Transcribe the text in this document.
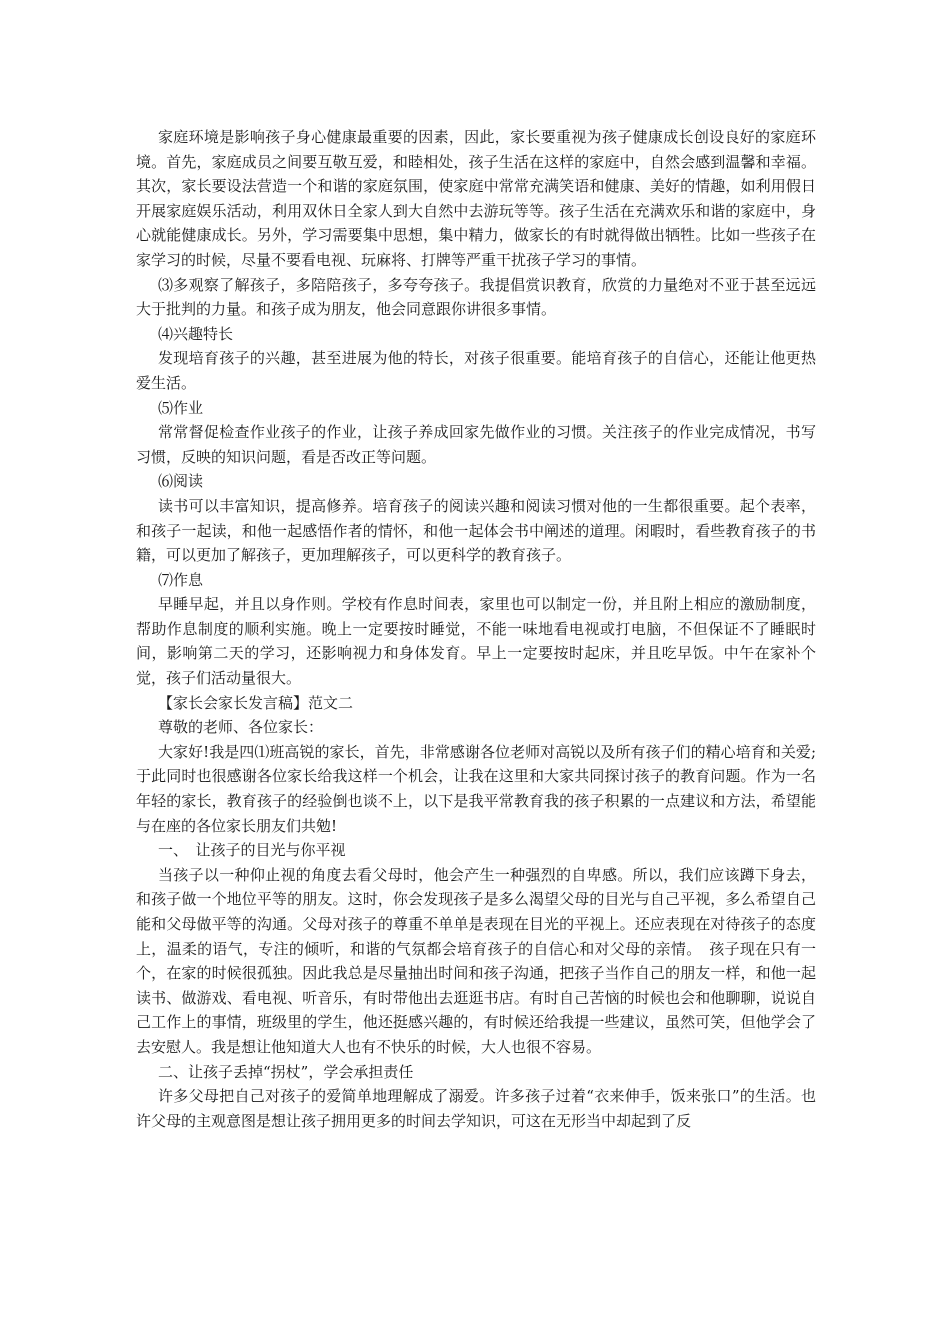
家庭环境是影响孩子身心健康最重要的因素，因此，家长要重视为孩子健康成长创设良好的家庭环境。首先，家庭成员之间要互敬互爱，和睦相处，孩子生活在这样的家庭中，自然会感到温馨和幸福。其次，家长要设法营造一个和谐的家庭氛围，使家庭中常常充满笑语和健康、美好的情趣，如利用假日开展家庭娱乐活动，利用双休日全家人到大自然中去游玩等等。孩子生活在充满欢乐和谐的家庭中，身心就能健康成长。另外，学习需要集中思想，集中精力，做家长的有时就得做出牺牲。比如一些孩子在家学习的时候，尽量不要看电视、玩麻将、打牌等严重干扰孩子学习的事情。

⑶多观察了解孩子，多陪陪孩子，多夸夸孩子。我提倡赏识教育，欣赏的力量绝对不亚于甚至远远大于批判的力量。和孩子成为朋友，他会同意跟你讲很多事情。

⑷兴趣特长

发现培育孩子的兴趣，甚至进展为他的特长，对孩子很重要。能培育孩子的自信心，还能让他更热爱生活。

⑸作业

常常督促检查作业孩子的作业，让孩子养成回家先做作业的习惯。关注孩子的作业完成情况，书写习惯，反映的知识问题，看是否改正等问题。

⑹阅读

读书可以丰富知识，提高修养。培育孩子的阅读兴趣和阅读习惯对他的一生都很重要。起个表率，和孩子一起读，和他一起感悟作者的情怀，和他一起体会书中阐述的道理。闲暇时，看些教育孩子的书籍，可以更加了解孩子，更加理解孩子，可以更科学的教育孩子。

⑺作息

早睡早起，并且以身作则。学校有作息时间表，家里也可以制定一份，并且附上相应的激励制度，帮助作息制度的顺利实施。晚上一定要按时睡觉，不能一味地看电视或打电脑，不但保证不了睡眠时间，影响第二天的学习，还影响视力和身体发育。早上一定要按时起床，并且吃早饭。中午在家补个觉，孩子们活动量很大。

【家长会家长发言稿】范文二

尊敬的老师、各位家长：

大家好!我是四⑴班高锐的家长，首先，非常感谢各位老师对高锐以及所有孩子们的精心培育和关爱;于此同时也很感谢各位家长给我这样一个机会，让我在这里和大家共同探讨孩子的教育问题。作为一名年轻的家长，教育孩子的经验倒也谈不上，以下是我平常教育我的孩子积累的一点建议和方法，希望能与在座的各位家长朋友们共勉!

一、　让孩子的目光与你平视

当孩子以一种仰止视的角度去看父母时，他会产生一种强烈的自卑感。所以，我们应该蹲下身去，和孩子做一个地位平等的朋友。这时，你会发现孩子是多么渴望父母的目光与自己平视，多么希望自己能和父母做平等的沟通。父母对孩子的尊重不单单是表现在目光的平视上。还应表现在对待孩子的态度上，温柔的语气，专注的倾听，和谐的气氛都会培育孩子的自信心和对父母的亲情。　孩子现在只有一个，在家的时候很孤独。因此我总是尽量抽出时间和孩子沟通，把孩子当作自己的朋友一样，和他一起读书、做游戏、看电视、听音乐，有时带他出去逛逛书店。有时自己苦恼的时候也会和他聊聊，说说自己工作上的事情，班级里的学生，他还挺感兴趣的，有时候还给我提一些建议，虽然可笑，但他学会了去安慰人。我是想让他知道大人也有不快乐的时候，大人也很不容易。

二、让孩子丢掉“拐杖”，学会承担责任

许多父母把自己对孩子的爱简单地理解成了溺爱。许多孩子过着“衣来伸手，饭来张口”的生活。也许父母的主观意图是想让孩子拥用更多的时间去学知识，可这在无形当中却起到了反
